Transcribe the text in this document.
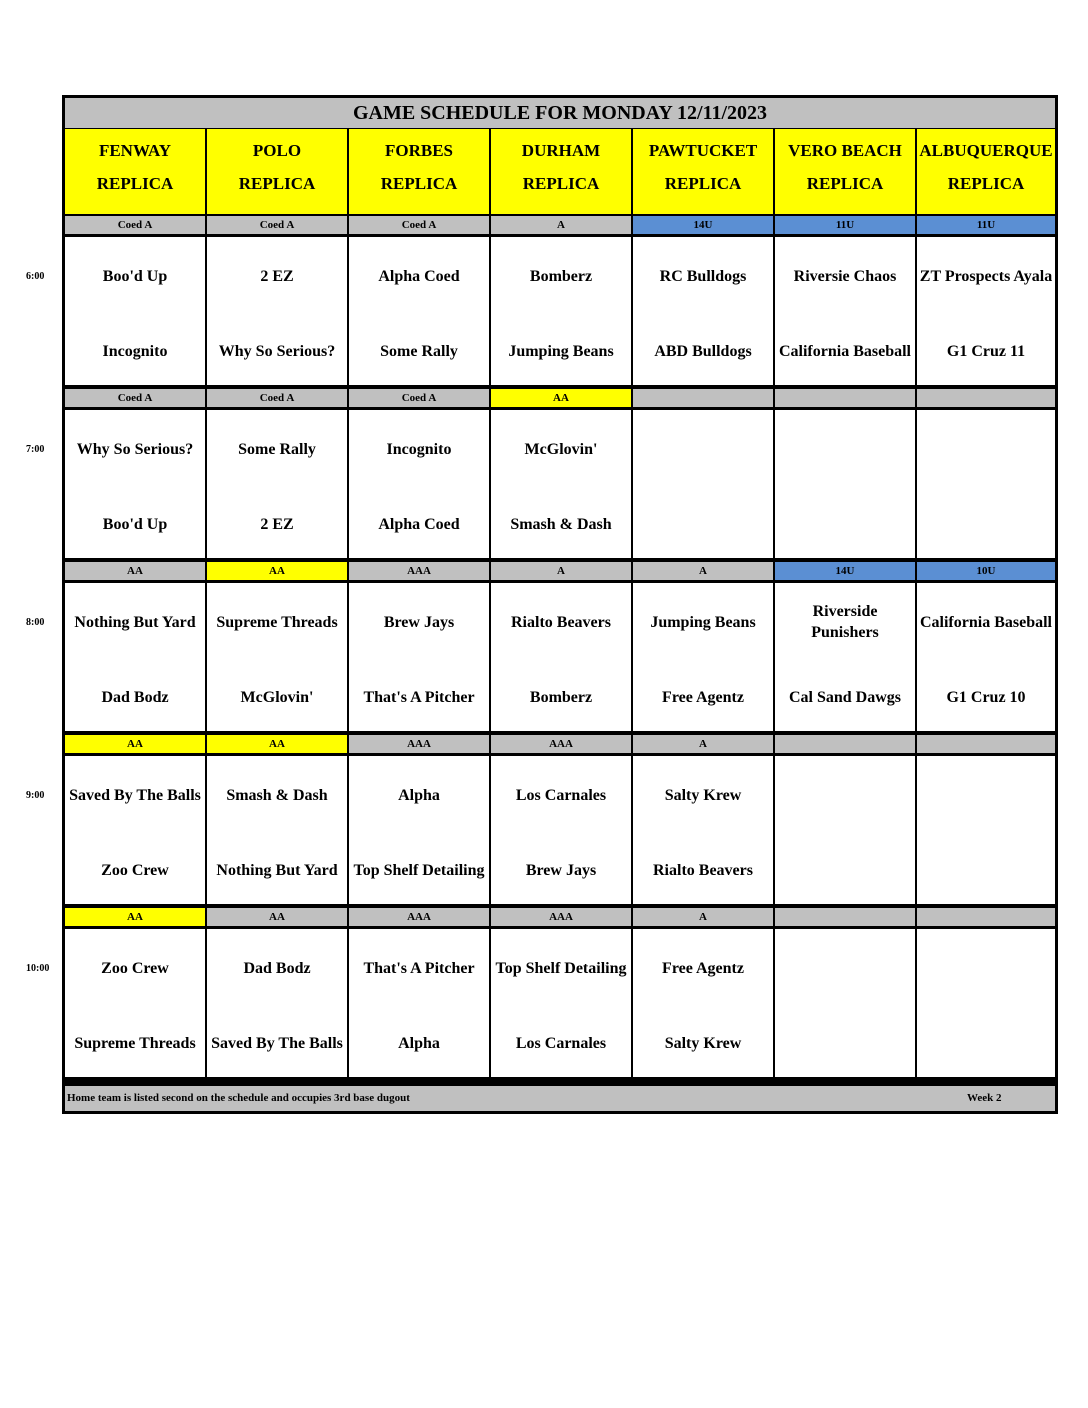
6:00
7:00
8:00
9:00
10:00
GAME SCHEDULE FOR MONDAY 12/11/2023
Home team is listed second on the schedule and occupies 3rd base dugout	Week 2
FENWAY
REPLICA
POLO
REPLICA
FORBES
REPLICA
DURHAM
REPLICA
PAWTUCKET
REPLICA
VERO BEACH
REPLICA
ALBUQUERQUE
REPLICA
Coed A
Boo'd Up
Incognito
Coed A
2 EZ
Why So Serious?
Coed A
Alpha Coed
Some Rally
A
Bomberz
Jumping Beans
14U
RC Bulldogs
ABD Bulldogs
11U
Riversie Chaos
California Baseball
11U
ZT Prospects Ayala
G1 Cruz 11
Coed A
Why So Serious?
Boo'd Up
Coed A
Some Rally
2 EZ
Coed A
Incognito
Alpha Coed
AA
McGlovin'
Smash & Dash
AA
Nothing But Yard
Dad Bodz
AA
Supreme Threads
McGlovin'
AAA
Brew Jays
That's A Pitcher
A
Rialto Beavers
Bomberz
A
Jumping Beans
Free Agentz
14U
Riverside Punishers
Cal Sand Dawgs
10U
California Baseball
G1 Cruz 10
AA
Saved By The Balls
Zoo Crew
AA
Smash & Dash
Nothing But Yard
AAA
Alpha
Top Shelf Detailing
AAA
Los Carnales
Brew Jays
A
Salty Krew
Rialto Beavers
AA
Zoo Crew
Supreme Threads
AA
Dad Bodz
Saved By The Balls
AAA
That's A Pitcher
Alpha
AAA
Top Shelf Detailing
Los Carnales
A
Free Agentz
Salty Krew
